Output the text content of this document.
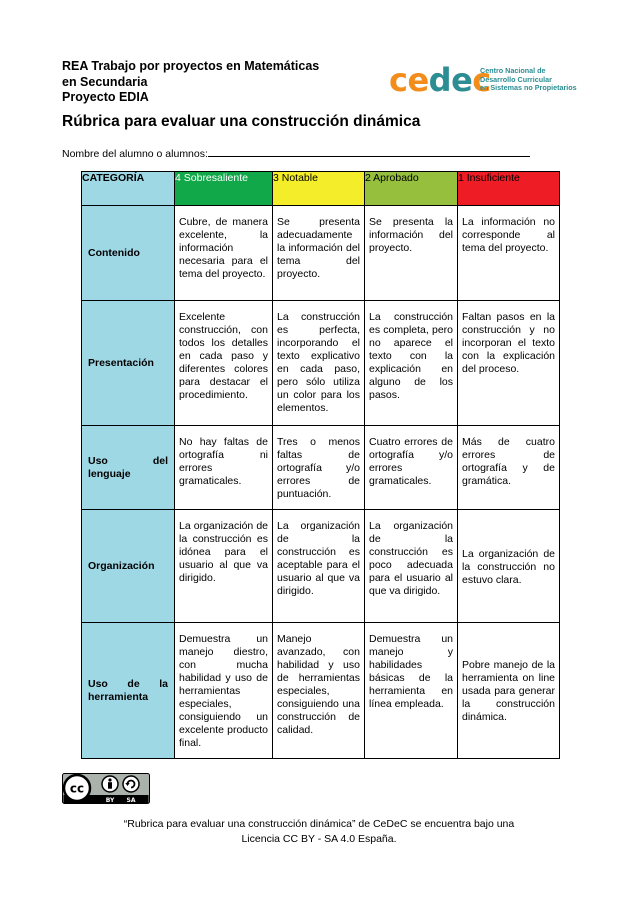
REA Trabajo por proyectos en Matemáticas
en Secundaria
Proyecto EDIA	cedec
Centro Nacional de
Desarrollo Curricular
en Sistemas no Propietarios
Rúbrica para evaluar una construcción dinámica
Nombre del alumno o alumnos:
CATEGORÍA	4 Sobresaliente	3 Notable	2 Aprobado	1 Insuficiente
Contenido	Cubre, de manera excelente, la información necesaria para el tema del proyecto.	Se presenta adecuadamente la información del tema del proyecto.	Se presenta la información del proyecto.	La información no corresponde al tema del proyecto.
Presentación	Excelente construcción, con todos los detalles en cada paso y diferentes colores para destacar el procedimiento.	La construcción es perfecta, incorporando el texto explicativo en cada paso, pero sólo utiliza un color para los elementos.	La construcción es completa, pero no aparece el texto con la explicación en alguno de los pasos.	Faltan pasos en la construcción y no incorporan el texto con la explicación del proceso.
Uso del lenguaje	No hay faltas de ortografía ni errores gramaticales.	Tres o menos faltas de ortografía y/o errores de puntuación.	Cuatro errores de ortografía y/o errores gramaticales.	Más de cuatro errores de ortografía y de gramática.
Organización	La organización de la construcción es idónea para el usuario al que va dirigido.	La organización de la construcción es aceptable para el usuario al que va dirigido.	La organización de la construcción es poco adecuada para el usuario al que va dirigido.	La organización de la construcción no estuvo clara.
Uso de la herramienta	Demuestra un manejo diestro, con mucha habilidad y uso de herramientas especiales, consiguiendo un excelente producto final.	Manejo avanzado, con habilidad y uso de herramientas especiales, consiguiendo una construcción de calidad.	Demuestra un manejo y habilidades básicas de la herramienta en línea empleada.	Pobre manejo de la herramienta on line usada para generar la construcción dinámica.
cc
BY SA
“Rubrica para evaluar una construcción dinámica” de CeDeC se encuentra bajo una
Licencia CC BY - SA 4.0 España.
